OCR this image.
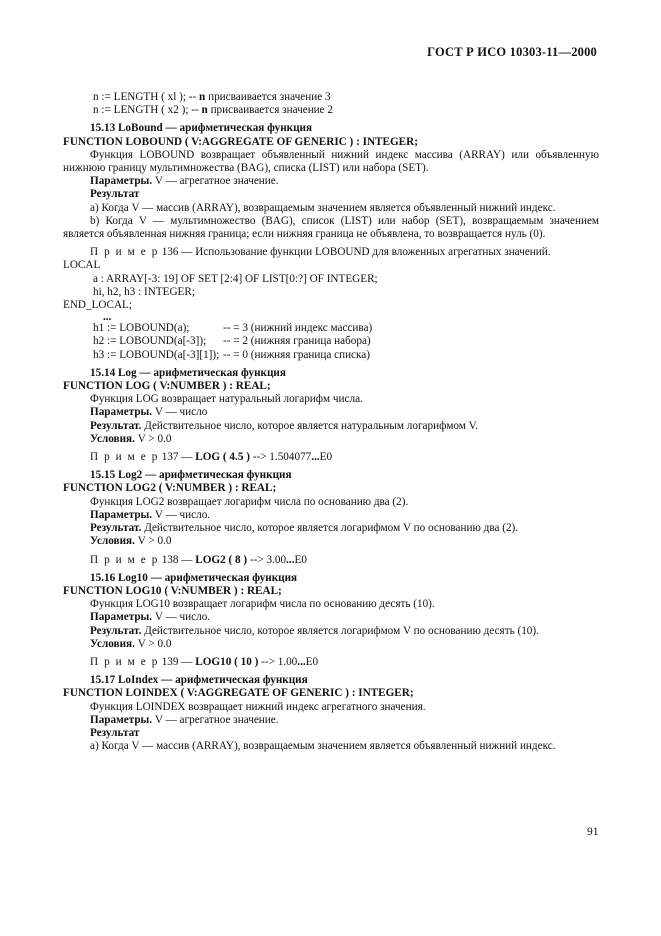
ГОСТ Р ИСО 10303-11—2000
n := LENGTH ( xl ); -- n присваивается значение 3
n := LENGTH ( x2 ); -- n присваивается значение 2
15.13 LoBound — арифметическая функция
FUNCTION LOBOUND ( V:AGGREGATE OF GENERIC ) : INTEGER;
Функция LOBOUND возвращает объявленный нижний индекс массива (ARRAY) или объявленную нижнюю границу мультимножества (BAG), списка (LIST) или набора (SET).
Параметры. V — агрегатное значение.
Результат
a) Когда V — массив (ARRAY), возвращаемым значением является объявленный нижний индекс.
b) Когда V — мультимножество (BAG), список (LIST) или набор (SET), возвращаемым значением является объявленная нижняя граница; если нижняя граница не объявлена, то возвращается нуль (0).
П р и м е р 136 — Использование функции LOBOUND для вложенных агрегатных значений.
LOCAL
a : ARRAY[-3: 19] OF SET [2:4] OF LIST[0:?] OF INTEGER;
hi, h2, h3 : INTEGER;
END_LOCAL;
...
h1 := LOBOUND(a);	-- = 3 (нижний индекс массива)
h2 := LOBOUND(a[-3]); -- = 2 (нижняя граница набора)
h3 := LOBOUND(a[-3][1]); -- = 0 (нижняя граница списка)
15.14 Log — арифметическая функция
FUNCTION LOG ( V:NUMBER ) : REAL;
Функция LOG возвращает натуральный логарифм числа.
Параметры. V — число
Результат. Действительное число, которое является натуральным логарифмом V.
Условия. V > 0.0
П р и м е р 137 — LOG ( 4.5 ) --> 1.504077...E0
15.15 Log2 — арифметическая функция
FUNCTION LOG2 ( V:NUMBER ) : REAL;
Функция LOG2 возвращает логарифм числа по основанию два (2).
Параметры. V — число.
Результат. Действительное число, которое является логарифмом V по основанию два (2).
Условия. V > 0.0
П р и м е р 138 — LOG2 ( 8 ) --> 3.00...E0
15.16 Log10 — арифметическая функция
FUNCTION LOG10 ( V:NUMBER ) : REAL;
Функция LOG10 возвращает логарифм числа по основанию десять (10).
Параметры. V — число.
Результат. Действительное число, которое является логарифмом V по основанию десять (10).
Условия. V > 0.0
П р и м е р 139 — LOG10 ( 10 ) --> 1.00...E0
15.17 LoIndex — арифметическая функция
FUNCTION LOINDEX ( V:AGGREGATE OF GENERIC ) : INTEGER;
Функция LOINDEX возвращает нижний индекс агрегатного значения.
Параметры. V — агрегатное значение.
Результат
a) Когда V — массив (ARRAY), возвращаемым значением является объявленный нижний индекс.
91
